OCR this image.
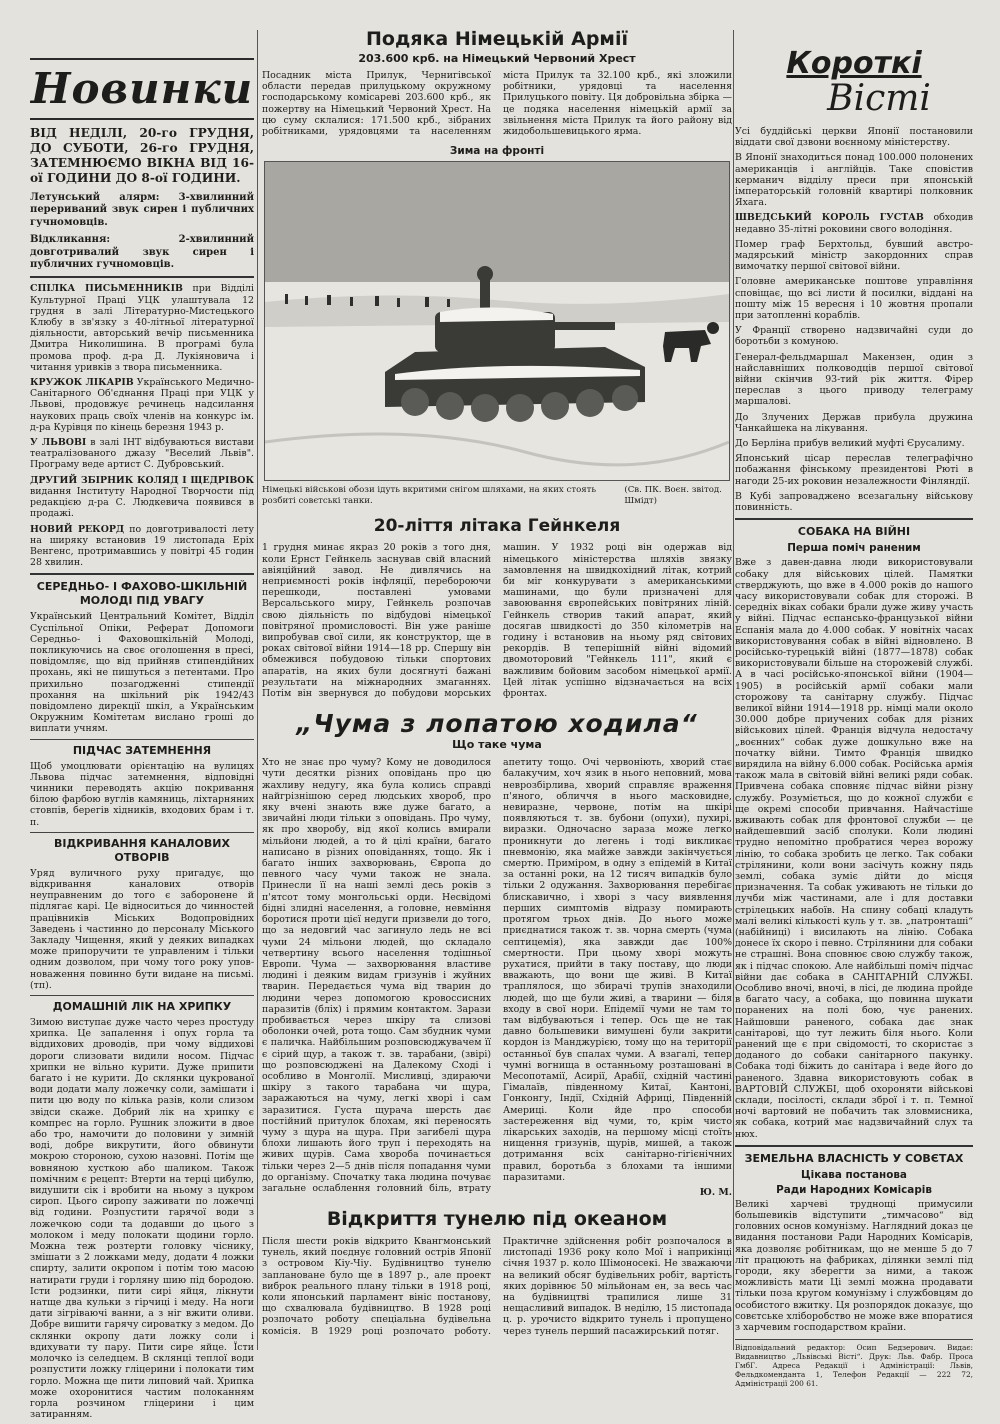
Новинки
ВІД НЕДІЛІ, 20-го ГРУДНЯ, ДО СУБОТИ, 26-го ГРУДНЯ, ЗАТЕМНЮЄМО ВІКНА ВІД 16-ої ГОДИНИ ДО 8-ої ГОДИНИ.
Летунський алярм: 3-хвилинний перериваний звук сирен і публичних гучномовців.
Відкликання: 2-хвилинний довготривалий звук сирен і публичних гучномовців.

СПІЛКА ПИСЬМЕННИКІВ при Відділі Культурної Праці УЦК улаштувала 12 грудня в залі Літературно-Мистецького Клюбу в зв'язку з 40-літньої літературної діяльности, авторський вечір письменника Дмитра Николишина. В програмі була промова проф. д-ра Д. Лукіяновича і читання уривків з твора письменника.

КРУЖОК ЛІКАРІВ Українського Медично-Санітарного Об'єднання Праці при УЦК у Львові, продовжує речинець надсилання наукових праць своїх членів на конкурс ім. д-ра Курівця по кінець березня 1943 р.

У ЛЬВОВІ в залі ІНТ відбуваються вистави театралізованого джазу "Веселий Львів". Програму веде артист С. Дубровський.

ДРУГИЙ ЗБІРНИК КОЛЯД І ЩЕДРІВОК видання Інституту Народної Творчости під редакцією д-ра С. Людкевича появився в продажі.

НОВИЙ РЕКОРД по довготривалості лету на ширяку встановив 19 листопада Еріх Венгенс, протримавшись у повітрі 45 годин 28 хвилин.

СЕРЕДНЬО- І ФАХОВО-ШКІЛЬНІЙ МОЛОДІ ПІД УВАГУ

Український Центральний Комітет, Відділ Суспільної Опіки, Реферат Допомоги Середньо- і Фаховошкільній Молоді, покликуючись на своє оголошення в пресі, повідомляє, що від прийняв стипендійних прохань, які не пишуться з петентами. Про прихильно позагодженні стипендії прохання на шкільний рік 1942/43 повідомлено дирекції шкіл, а Українським Окружним Комітетам вислано гроші до виплати учням.

ПІДЧАС ЗАТЕМНЕННЯ

Щоб умоцлювати орієнтацію на вулицях Львова підчас затемнення, відповідні чинники переводять акцію покривання білою фарбою вуглів камяниць, ліхтарняних стовпів, берегів хідників, входових брам і т. п.

ВІДКРИВАННЯ КАНАЛОВИХ ОТВОРІВ

Уряд вуличного руху пригадує, що відкривання каналових отворів неуправненим до того є заборонене й підлягає карі. Це відноситься до чинностей працівників Міських Водопровідних Заведень і частинно до персоналу Міського Закладу Чищення, який у деяких випадках може припоручити те управленим і тільки одним дозволом, при чому того року уповноваження повинно бути видане на письмі. (тп).

ДОМАШНІЙ ЛІК НА ХРИПКУ

Зимою виступає дуже часто через простуду хрипка. Це запалення і опух горла та віддихових дроводів, при чому віддихові дороги слизовати видили носом. Підчас хрипки не вільно курити. Дуже припити багато і не курити. До склянки цукрованої води додати малу ложечку соли, замішати і пити цю воду по кілька разів, коли слизом звідси скаже. Добрий лік на хрипку є компрес на горло. Рушник зложити в двое або тро, намочити до половини у зимній воді, добре викрутити, його обвинути мокрою стороною, сухою назовні. Потім ще вовняною хусткою або шаликом. Також помічним є рецепт: Втерти на терці цибулю, видушити сік і вробити на ньому з цукром сироп. Цього сиропу заживати по ложечці від години. Розпустити гарячої води з ложечкою соди та додавши до цього з молоком і меду полокати щодини горло. Можна теж розтерти головку чіснику, змішати з 2 ложками меду, додати 4 ложки спирту, залити окропом і потім тою масою натирати груди і горляну шию під бородою. Істи родзинки, пити сирі яйця, лікнути натще два кульки з гірчиці і меду. На ноги дати зігріваючі ванни, а з ніг вжити оливи. Добре вишити гарячу сироватку з медом. До склянки окропу дати ложку соли і вдихувати ту пару. Пити сире яйце. Їсти молочко із селедцем. В склянці теплої води розпустити ложку гліцерини і полокати тим горло. Можна ще пити липовий чай. Хрипка може охоронитися частим полоканням горла розчином гліцерини і цим затиранням.

Подяка Німецькій Армії
203.600 крб. на Німецький Червоний Хрест

Посадник міста Прилук, Чернигівської области передав прилуцькому окружному господарському комісареві 203.600 крб., як пожертву на Німецький Червоний Хрест. На цю суму склалися: 171.500 крб., зібраних робітниками, урядовцями та населенням міста Прилук та 32.100 крб., які зложили робітники, урядовці та населення Прилуцького повіту. Ця добровільна збірка — це подяка населення німецькій армії за звільнення міста Прилук та його району від жидобольшевицького ярма.

Зима на фронті
Німецькі військові обози ідуть вкритими снігом шляхами, на яких стоять розбиті совєтські танки.
(Св. ПК. Воєн. звітод. Шмідт)
20-ліття літака Гейнкеля

1 грудня минає якраз 20 років з того дня, коли Ернст Гейнкель заснував свій власний авіяційний завод. Не дивлячись на неприємності років інфляції, перебороючи перешкоди, поставлені умовами Версальського миру, Гейнкель розпочав свою діяльність по відбудові німецької повітряної промисловості. Він уже раніше випробував свої сили, як конструктор, ще в роках світової війни 1914—18 рр. Спершу він обмежився побудовою тільки спортових апаратів, на яких були досягнуті бажані результати на міжнародних змаганнях. Потім він звернувся до побудови морських машин. У 1932 році він одержав від німецького міністерства шляхів звязку замовлення на швидкохідний літак, котрий би міг конкурувати з американськими машинами, що були призначені для завоювання європейських повітряних ліній. Гейнкель створив такий апарат, який досягав швидкості до 350 кілометрів на годину і встановив на ньому ряд світових рекордів. В теперішній війні відомий двомоторовий "Гейнкель 111", який є важливим бойовим засобом німецької армії. Цей літак успішно відзначається на всіх фронтах.

„Чума з лопатою ходила“
Що таке чума

Хто не знає про чуму? Кому не доводилося чути десятки різних оповідань про цю жахливу недугу, яка була колись справді найгрізнішою серед людських хвороб, про яку вчені знають вже дуже багато, а звичайні люди тільки з оповідань. Про чуму, як про хворобу, від якої колись вмирали мільйони людей, а то й цілі країни, багато написано в різних оповіданнях, тощо. Як і багато інших захворювань, Європа до певного часу чуми також не знала. Принесли її на наші землі десь років з п'ятсот тому монгольські орди. Несвідомі бідні злидні населення, а головне, невміння боротися проти цієї недуги призвели до того, що за недовгий час загинуло ледь не всі чуми 24 мільони людей, що складало четвертину всього населення тодішньої Европи. Чума — захворювання властиве людині і деяким видам гризунів і жуйних тварин. Передається чума від тварин до людини через допомогою кровоссисних паразитів (бліх) і прямим контактом. Зарази пробивається через шкіру та слизові оболонки очей, рота тощо. Сам збудник чуми є паличка. Найбільшим розповсюджувачем її є сірий щур, а також т. зв. тарабани, (звірі) що розповсюджені на Далекому Сході і особливо в Монголії. Мисливці, здираючи шкіру з такого тарабана чи щура, заражаються на чуму, легкі хворі і сам заразитися. Густа щурача шерсть дає постійний притулок блохам, які переносять чуму з щура на щура. При загибелі щура блохи лишають його труп і переходять на живих щурів. Сама хвороба починається тільки через 2—5 днів після попадання чуми до організму. Спочатку така людина почуває загальне ослаблення головний біль, втрату апетиту тощо. Очі червоніють, хворий стає балакучим, хоч язик в нього неповний, мова неврозбірлива, хворий справляє враження п'яного, обличчя в нього масковидне, невиразне, червоне, потім на шкірі появляються т. зв. бубони (опухи), пухирі, виразки. Одночасно зараза може легко проникнути до легень і тоді викликає пневмонію, яка майже завжди закінчується смертю. Приміром, в одну з епідемій в Китаї за останні роки, на 12 тисяч випадків було тільки 2 одужання. Захворювання перебігає блискавично, і хворі з часу виявлення перших симптомів відразу помирають протягом трьох днів. До нього може приєднатися також т. зв. чорна смерть (чума септицемія), яка завжди дає 100% смертности. При цьому хворі можуть рухатися, прийти в таку поставу, що люди вважають, що вони ще живі. В Китаї траплялося, що збирачі трупів знаходили людей, що ще були живі, а тварини — біля входу в свої нори. Епідемії чуми не там то там відбуваються і тепер. Ось ще не так давно большевики вимушені були закрити кордон із Манджурією, тому що на території останньої був спалах чуми. А взагалі, тепер чумні вогнища в останньому розташовані в Месопотамії, Асирії, Арабії, східній частині Гімалаїв, південному Китаї, Кантоні, Гонконгу, Індії, Східній Африці, Південній Америці. Коли йде про способи застереження від чуми, то, крім чисто лікарських заходів, на першому місці стоїть нищення гризунів, щурів, мишей, а також дотримання всіх санітарно-гігієнічних правил, боротьба з блохами та іншими паразитами.

Ю. М.
Відкриття тунелю під океаном

Після шести років відкрито Квангмонський тунель, який поєднує головний острів Японії з островом Кіу-Чіу. Будівництво тунелю заплановане було ще в 1897 р., але проект виброк реального плану тільки в 1918 році, коли японський парламент вініс постанову, що схвалювала будівництво. В 1928 році розпочато роботу спеціальна будівельна комісія. В 1929 році розпочато роботу. Практичне здійснення робіт розпочалося в листопаді 1936 року коло Мої і наприкінці січня 1937 р. коло Шімоносекі. Не зважаючи на великий обсяг будівельних робіт, вартість яких дорівнює 50 мільйонам ен, за весь час на будівництві трапилися лише 31 нещасливий випадок. В неділю, 15 листопада ц. р. урочисто відкрито тунель і пропущено через тунель перший пасажирський потяг.

Короткі
Вісті

Усі буддійські церкви Японії постановили віддати свої дзвони воєнному міністерству.

В Японії знаходиться понад 100.000 полонених американців і англійців. Таке сповістив керманич відділу преси при японській імператорській головній квартирі полковник Яхага.

ШВЕДСЬКИЙ КОРОЛЬ ГУСТАВ обходив недавно 35-літні роковини свого володіння.

Помер граф Берхтольд, бувший австро-мадярський міністр закордонних справ вимочатку першої світової війни.

Головне американське поштове управління сповіщає, що всі листи й посилки, віддані на пошту між 15 вересня і 10 жовтня пропали при затопленні кораблів.

У Франції створено надзвичайні суди до боротьби з комуною.

Генерал-фельдмаршал Макензен, один з найславніших полководців першої світової війни скінчив 93-тий рік життя. Фірер переслав з цього приводу телеграму маршалові.

До Злучених Держав прибула дружина Чанкайшека на лікування.

До Берліна прибув великий муфті Єрусалиму.

Японський цісар переслав телеграфічно побажання фінському президентові Рюті в нагоди 25-их роковин незалежности Фінляндії.

В Кубі запроваджено всезагальну військову повинність.

СОБАКА НА ВІЙНІ
Перша поміч раненим

Вже з давен-давна люди використовували собаку для військових цілей. Памятки стверджують, що вже в 4.000 років до нашого часу використовували собак для сторожі. В середніх віках собаки брали дуже живу участь у війні. Підчас еспансько-французької війни Еспанія мала до 4.000 собак. У новітніх часах використовування собак в війні відновлено. В російсько-турецькій війні (1877—1878) собак використовували більше на сторожевій службі. А в часі російсько-японської війни (1904—1905) в російській армії собаки мали сторожову та санітарну службу. Підчас великої війни 1914—1918 рр. німці мали около 30.000 добре приучених собак для різних військових цілей. Франція відчула недостачу „воєнних“ собак дуже дошкульно вже на початку війни. Тимто Франція швидко вирядила на війну 6.000 собак. Російська армія також мала в світовій війні великі ряди собак. Привчена собака сповняє підчас війни різну службу. Розуміється, що до кожної служби є ще окремі способи привчання. Найчастіше вживають собак для фронтової служби — це найдешевший засіб сполуки. Коли людині трудно непомітно пробратися через ворожу лінію, то собака зробить це легко. Так собаки стрілянини, коли вони засічуть кожну пядь землі, собака зуміє дійти до місця призначення. Та собак уживають не тільки до лучби між частинами, але і для доставки стрілецьких набоїв. На спину собаці кладуть малі великі кількості куль у т. зв. „патронташі“ (набійниці) і висилають на лінію. Собака донесе їх скоро і певно. Стрілянини для собаки не страшні. Вона сповнює свою службу також, як і підчас спокою. Але найбільші поміч підчас війни дає собака в САНІТАРНІЙ СЛУЖБІ. Особливо вночі, вночі, в лісі, де людина пройде в багато часу, а собака, що повинна шукати поранених на полі бою, чує ранених. Найшовши раненого, собака дає знак санітарові, що тут лежить біля нього. Коли ранений ще є при свідомості, то скористає з доданого до собаки санітарного пакунку. Собака тоді біжить до санітара і веде його до раненого. Здавна використовують собак в ВАРТОВІЙ СЛУЖБІ, щоб охороняти військові склади, посілості, склади зброї і т. п. Темної ночі вартовий не побачить так зловмисника, як собака, котрий має надзвичайний слух та нюх.

ЗЕМЕЛЬНА ВЛАСНІСТЬ У СОВЄТАХ
Цікава постанова
Ради Народних Комісарів

Великі харчеві труднощі примусили большевиків відступити „тимчасово“ від головних основ комунізму. Наглядний доказ це видання постанови Ради Народних Комісарів, яка дозволяє робітникам, що не менше 5 до 7 літ працюють на фабриках, ділянки землі під городи, яку зберегти за ними, а також можливість мати Ці землі можна продавати тільки поза кругом комунізму і службовцям до особистого вжитку. Ця розпорядок доказує, що совєтське хліборобство не може вже впоратися з харчевим господарством країни.

Відповідальний редактор: Осип Бедзерович. Видає: Видавництво „Львівські Вісті“. Друк: Льв. Фабр. Проса ГмбГ. Адреса Редакції і Адміністрації: Львів, Фельдкоменданта 1, Телефон Редакції — 222 72, Адміністрації 200 61.
